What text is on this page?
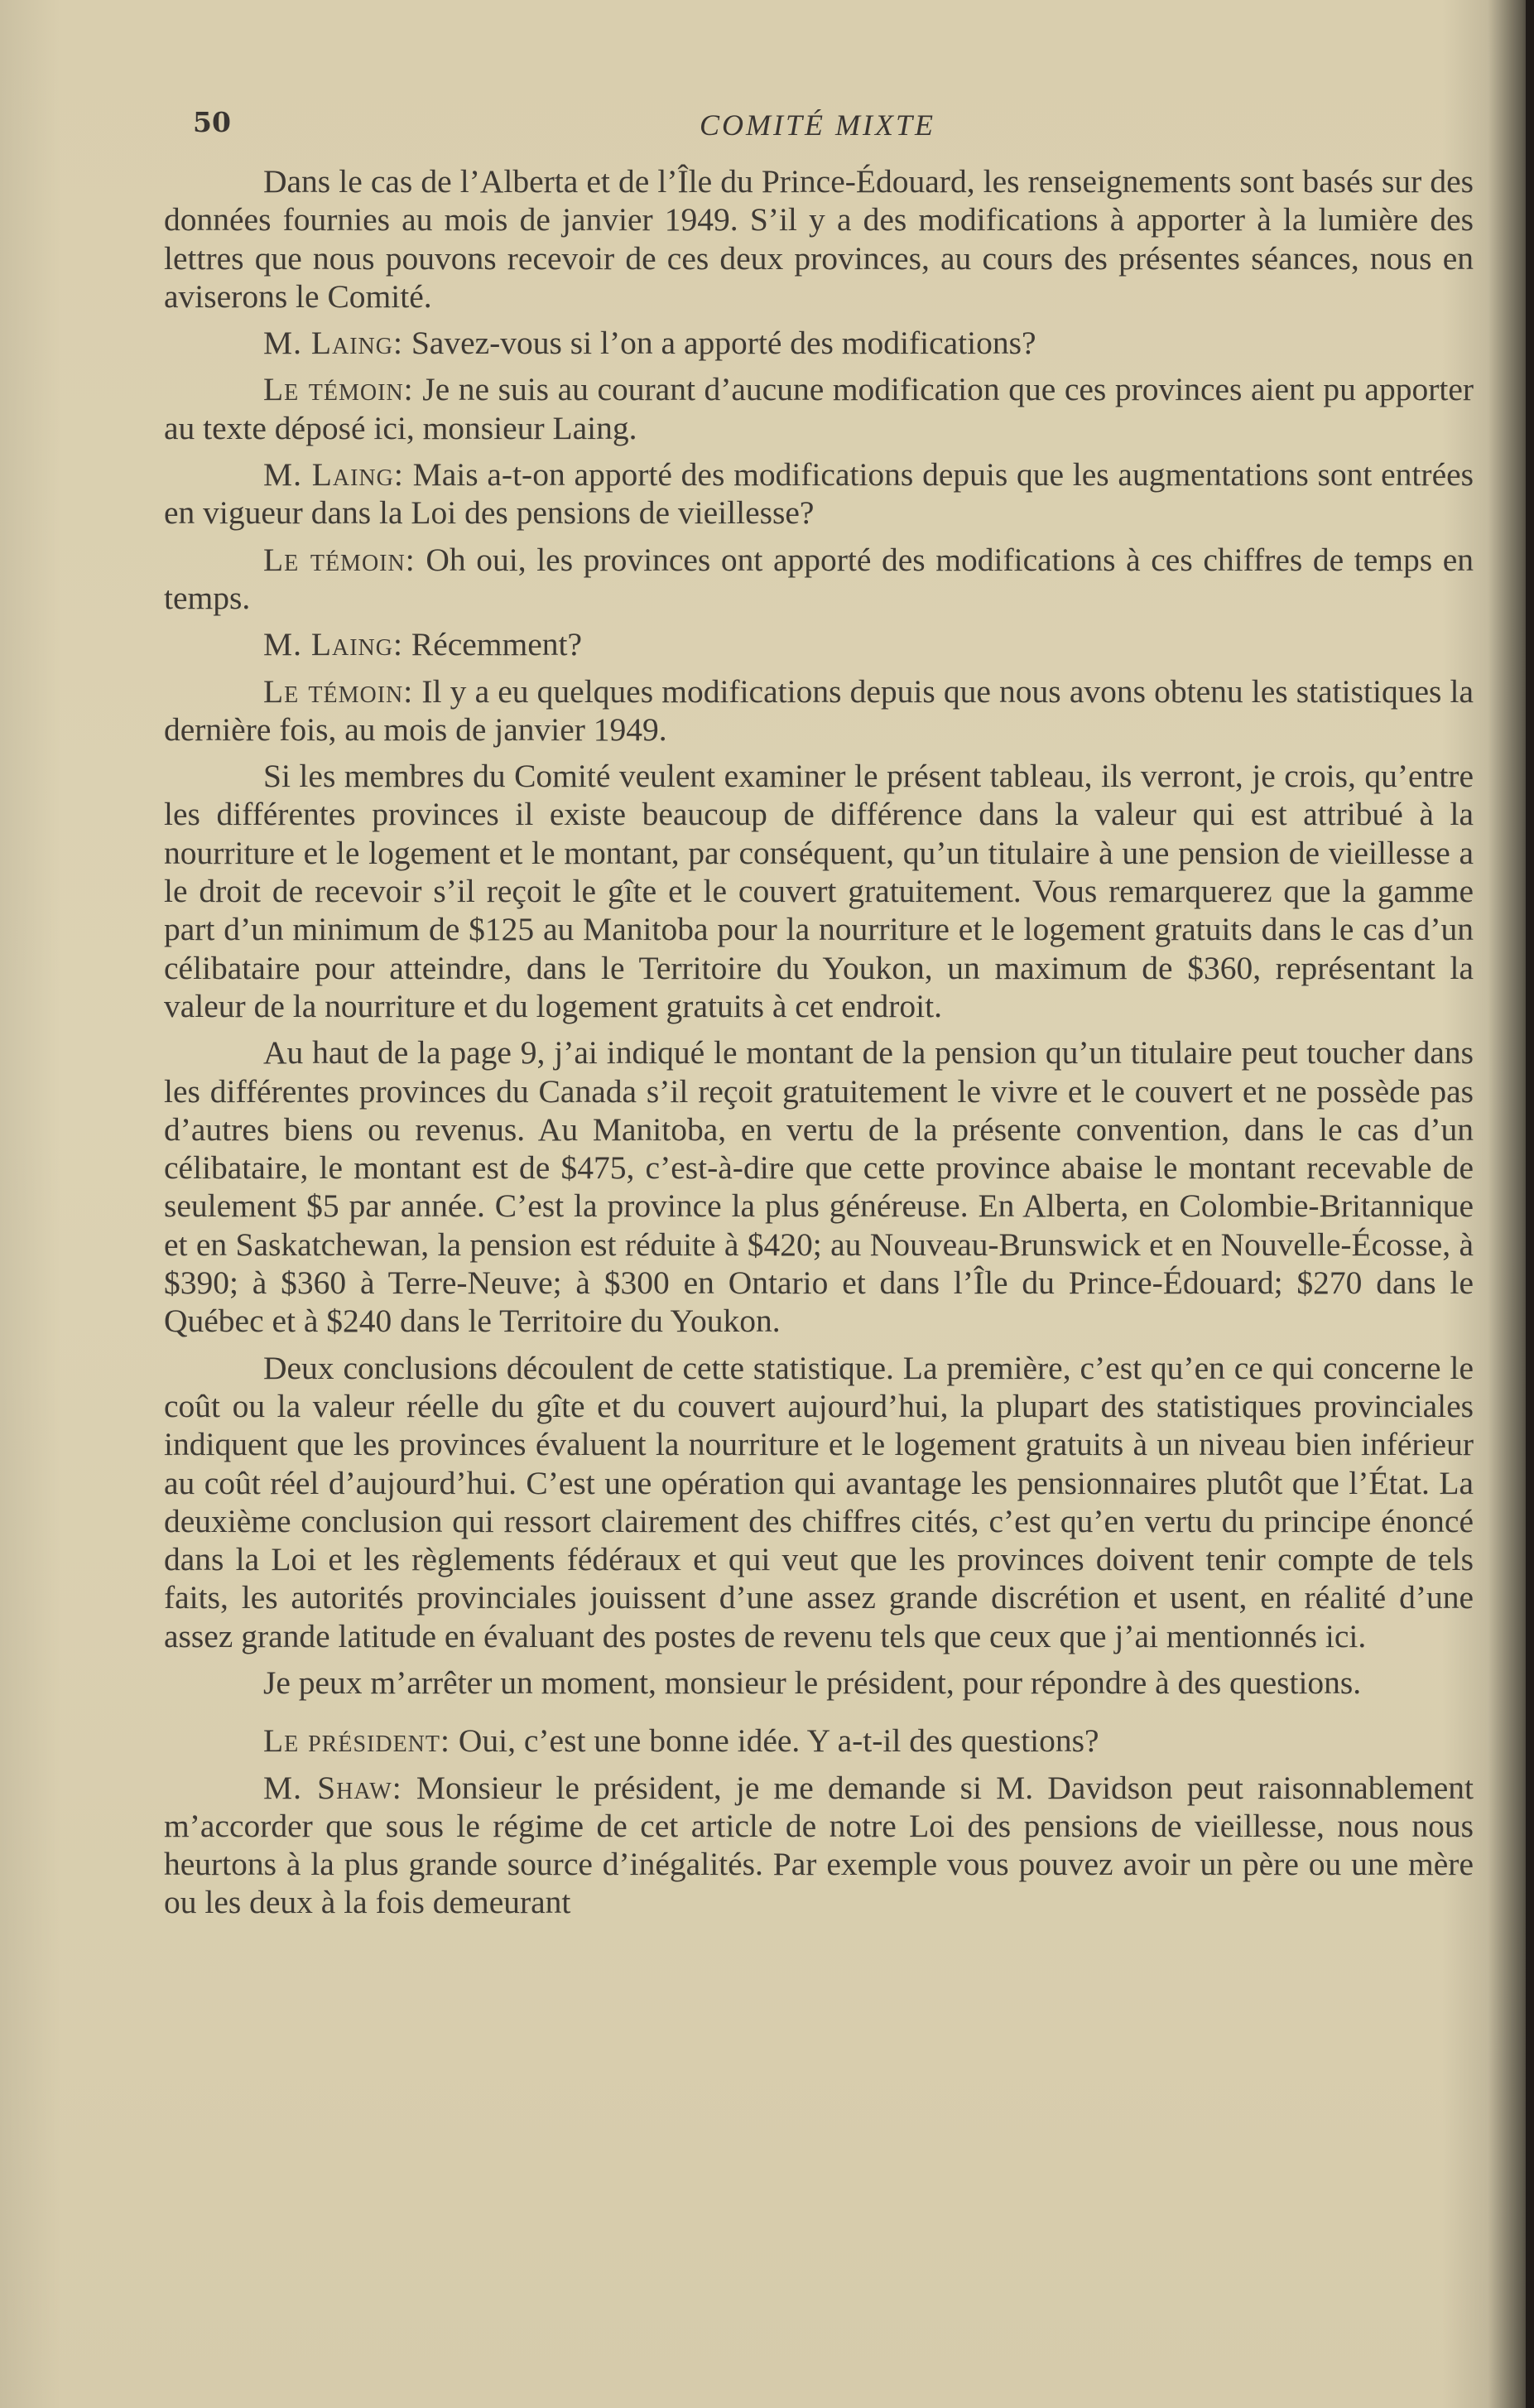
50	COMITÉ MIXTE

Dans le cas de l’Alberta et de l’Île du Prince-Édouard, les renseignements sont basés sur des données fournies au mois de janvier 1949. S’il y a des modifications à apporter à la lumière des lettres que nous pouvons recevoir de ces deux provinces, au cours des présentes séances, nous en aviserons le Comité.

M. Laing: Savez-vous si l’on a apporté des modifications?

Le témoin: Je ne suis au courant d’aucune modification que ces provinces aient pu apporter au texte déposé ici, monsieur Laing.

M. Laing: Mais a-t-on apporté des modifications depuis que les augmentations sont entrées en vigueur dans la Loi des pensions de vieillesse?

Le témoin: Oh oui, les provinces ont apporté des modifications à ces chiffres de temps en temps.

M. Laing: Récemment?

Le témoin: Il y a eu quelques modifications depuis que nous avons obtenu les statistiques la dernière fois, au mois de janvier 1949.

Si les membres du Comité veulent examiner le présent tableau, ils verront, je crois, qu’entre les différentes provinces il existe beaucoup de différence dans la valeur qui est attribué à la nourriture et le logement et le montant, par conséquent, qu’un titulaire à une pension de vieillesse a le droit de recevoir s’il reçoit le gîte et le couvert gratuitement. Vous remarquerez que la gamme part d’un minimum de $125 au Manitoba pour la nourriture et le logement gratuits dans le cas d’un célibataire pour atteindre, dans le Territoire du Youkon, un maximum de $360, représentant la valeur de la nourriture et du logement gratuits à cet endroit.

Au haut de la page 9, j’ai indiqué le montant de la pension qu’un titulaire peut toucher dans les différentes provinces du Canada s’il reçoit gratuitement le vivre et le couvert et ne possède pas d’autres biens ou revenus. Au Manitoba, en vertu de la présente convention, dans le cas d’un célibataire, le montant est de $475, c’est-à-dire que cette province abaise le montant recevable de seulement $5 par année. C’est la province la plus généreuse. En Alberta, en Colombie-Britannique et en Saskatchewan, la pension est réduite à $420; au Nouveau-Brunswick et en Nouvelle-Écosse, à $390; à $360 à Terre-Neuve; à $300 en Ontario et dans l’Île du Prince-Édouard; $270 dans le Québec et à $240 dans le Territoire du Youkon.

Deux conclusions découlent de cette statistique. La première, c’est qu’en ce qui concerne le coût ou la valeur réelle du gîte et du couvert aujourd’hui, la plupart des statistiques provinciales indiquent que les provinces évaluent la nourriture et le logement gratuits à un niveau bien inférieur au coût réel d’aujourd’hui. C’est une opération qui avantage les pensionnaires plutôt que l’État. La deuxième conclusion qui ressort clairement des chiffres cités, c’est qu’en vertu du principe énoncé dans la Loi et les règlements fédéraux et qui veut que les provinces doivent tenir compte de tels faits, les autorités provinciales jouissent d’une assez grande discrétion et usent, en réalité d’une assez grande latitude en évaluant des postes de revenu tels que ceux que j’ai mentionnés ici.

Je peux m’arrêter un moment, monsieur le président, pour répondre à des questions.

Le président: Oui, c’est une bonne idée. Y a-t-il des questions?

M. Shaw: Monsieur le président, je me demande si M. Davidson peut raisonnablement m’accorder que sous le régime de cet article de notre Loi des pensions de vieillesse, nous nous heurtons à la plus grande source d’inégalités. Par exemple vous pouvez avoir un père ou une mère ou les deux à la fois demeurant
